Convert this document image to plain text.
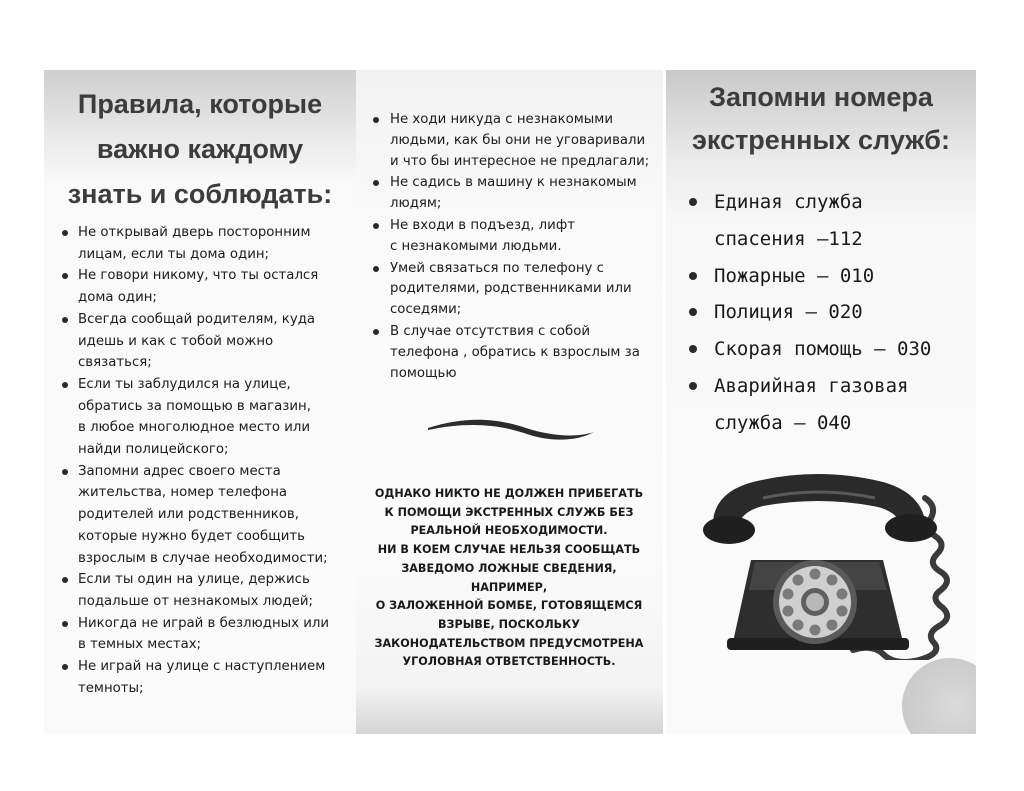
Правила, которые
важно каждому
знать и соблюдать:
Не открывай дверь посторонним
лицам, если ты дома один;
Не говори никому, что ты остался
дома один;
Всегда сообщай родителям, куда
идешь и как с тобой можно
связаться;
Если ты заблудился на улице,
обратись за помощью в магазин,
в любое многолюдное место или
найди полицейского;
Запомни адрес своего места
жительства, номер телефона
родителей или родственников,
которые нужно будет сообщить
взрослым в случае необходимости;
Если ты один на улице, держись
подальше от незнакомых людей;
Никогда не играй в безлюдных или
в темных местах;
Не играй на улице с наступлением
темноты;
Не ходи никуда с незнакомыми
людьми, как бы они не уговаривали
и что бы интересное не предлагали;
Не садись в машину к незнакомым
людям;
Не входи в подъезд, лифт
с незнакомыми людьми.
Умей связаться по телефону с
родителями, родственниками или
соседями;
В случае отсутствия с собой
телефона , обратись к взрослым за
помощью

ОДНАКО НИКТО НЕ ДОЛЖЕН ПРИБЕГАТЬ
К ПОМОЩИ ЭКСТРЕННЫХ СЛУЖБ БЕЗ
РЕАЛЬНОЙ НЕОБХОДИМОСТИ.
НИ В КОЕМ СЛУЧАЕ НЕЛЬЗЯ СООБЩАТЬ
ЗАВЕДОМО ЛОЖНЫЕ СВЕДЕНИЯ,
НАПРИМЕР,
О ЗАЛОЖЕННОЙ БОМБЕ, ГОТОВЯЩЕМСЯ
ВЗРЫВЕ, ПОСКОЛЬКУ
ЗАКОНОДАТЕЛЬСТВОМ ПРЕДУСМОТРЕНА
УГОЛОВНАЯ ОТВЕТСТВЕННОСТЬ.

Запомни номера
экстренных служб:
Единая служба
спасения –112
Пожарные – 010
Полиция – 020
Скорая помощь – 030
Аварийная газовая
служба – 040
